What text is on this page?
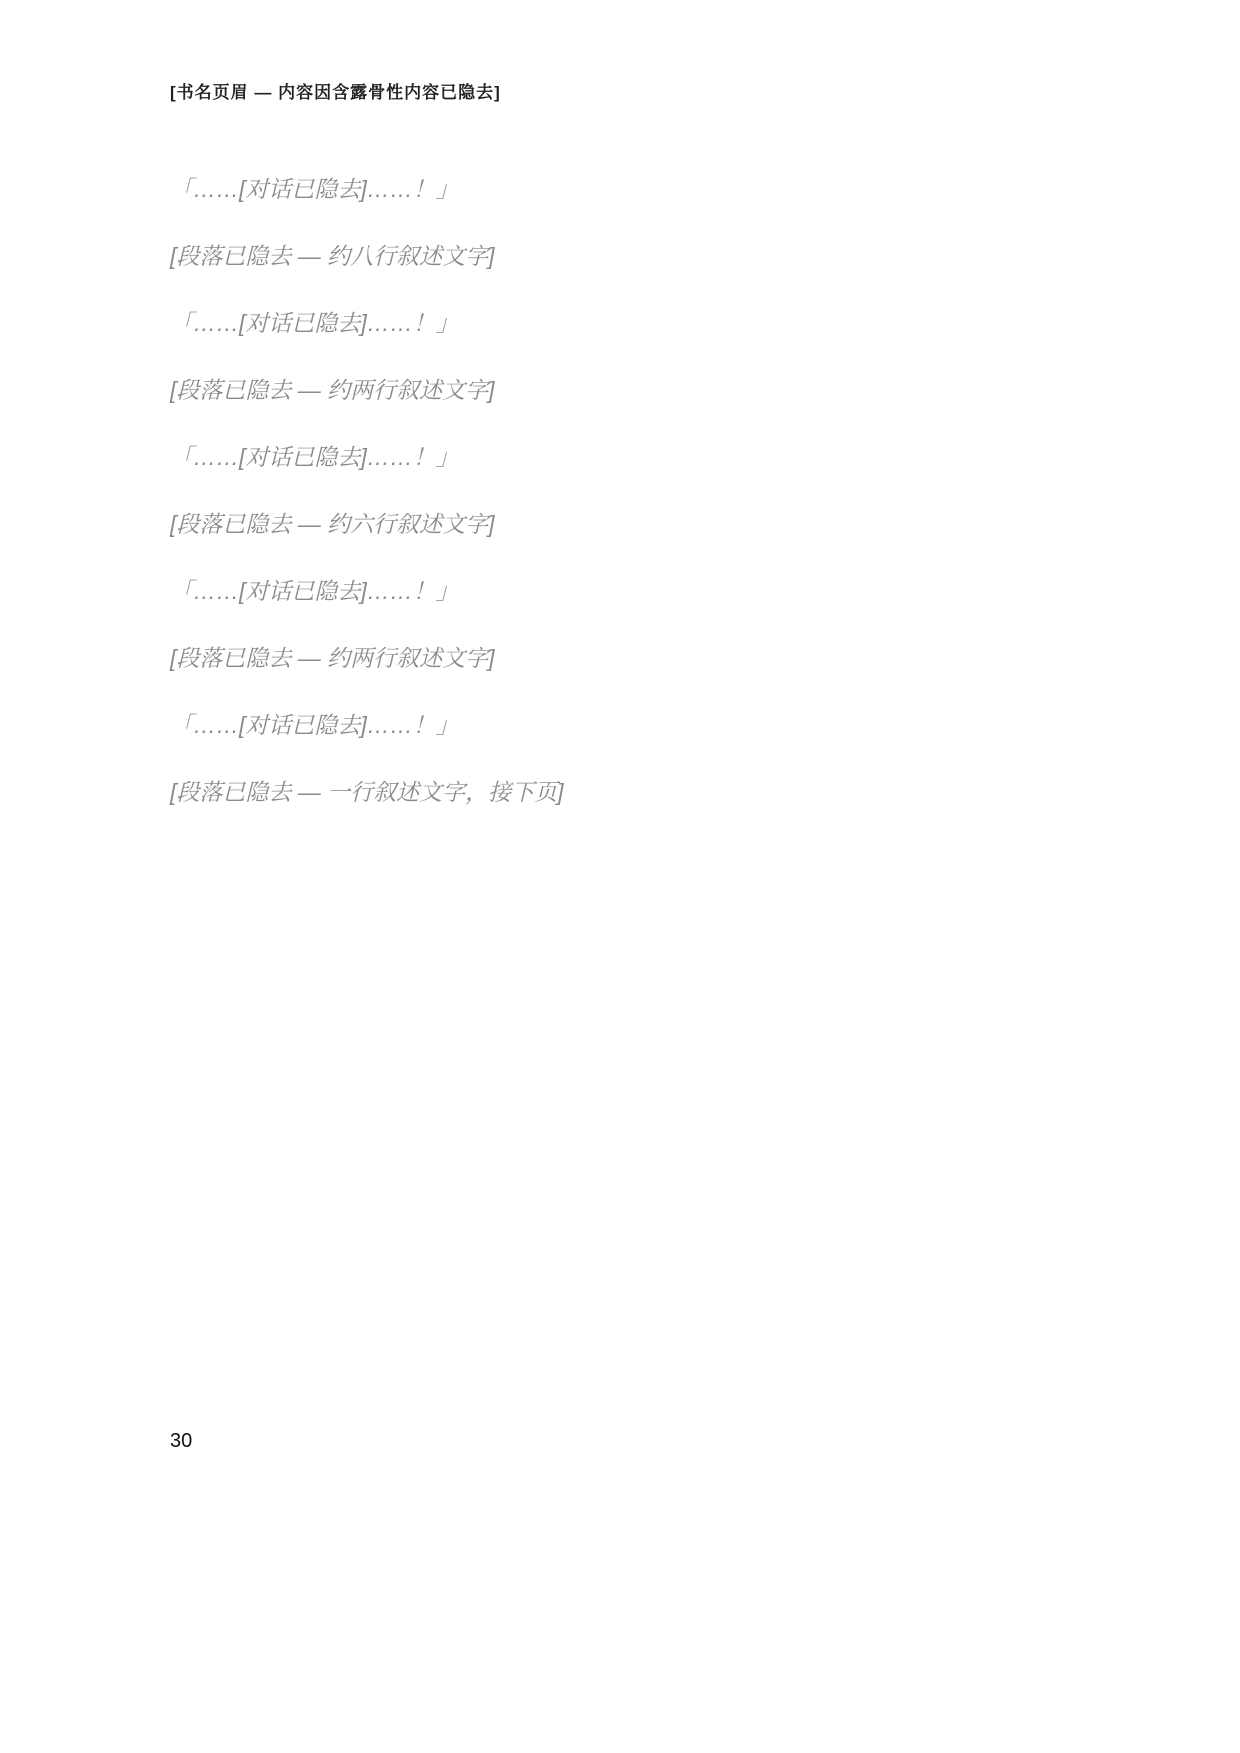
[书名页眉 — 内容因含露骨性内容已隐去]

「……[对话已隐去]……！」

[段落已隐去 — 约八行叙述文字]

「……[对话已隐去]……！」

[段落已隐去 — 约两行叙述文字]

「……[对话已隐去]……！」

[段落已隐去 — 约六行叙述文字]

「……[对话已隐去]……！」

[段落已隐去 — 约两行叙述文字]

「……[对话已隐去]……！」

[段落已隐去 — 一行叙述文字，接下页]

30
